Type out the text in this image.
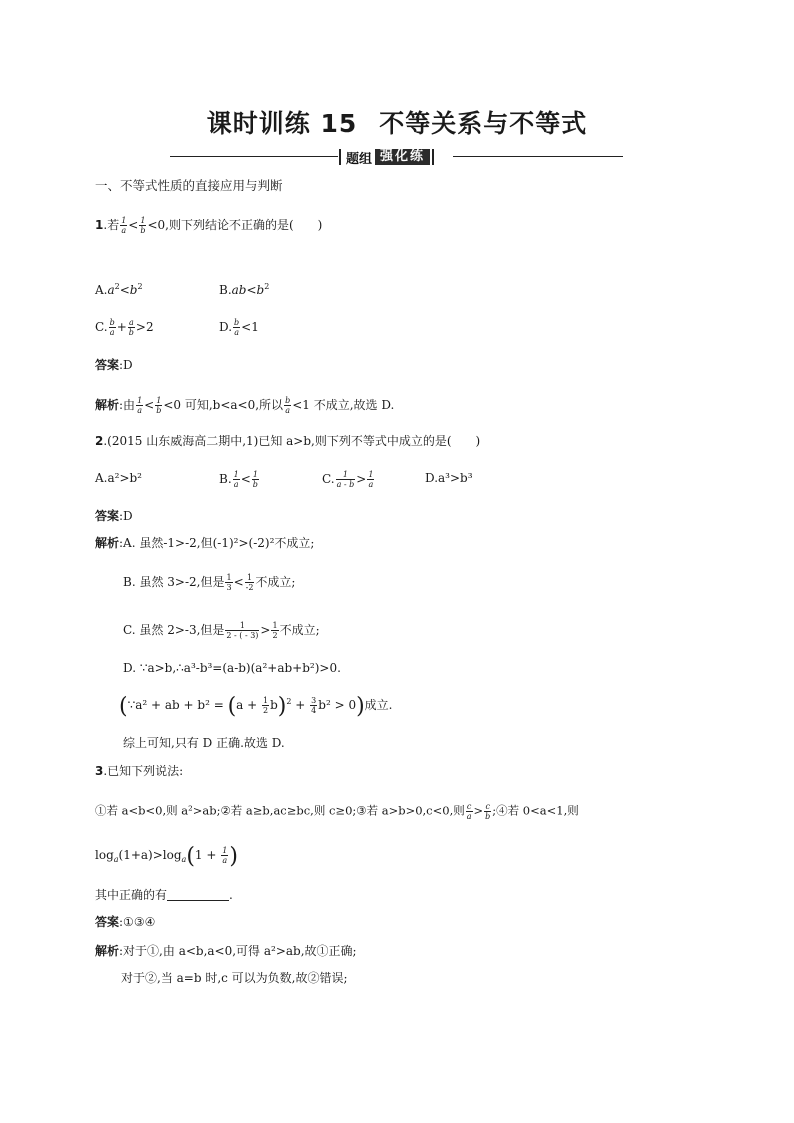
课时训练 15 不等关系与不等式
题组 强化练
一、不等式性质的直接应用与判断
1.若 $\frac{1}{a} < \frac{1}{b} <0$,则下列结论不正确的是(　　)
$A.a^2<b^2$	$B.ab<b^2$
C. $\frac{b}{a} + \frac{a}{b} >2$	D. $\frac{b}{a} <1$
答案:D
解析:由 $\frac{1}{a} < \frac{1}{b} <0$ 可知,b<a<0,所以 $\frac{b}{a} <1$ 不成立,故选 D.
2.(2015 山东威海高二期中,1)已知 a>b,则下列不等式中成立的是(　　)
A.a²>b²	B. $\frac{1}{a} < \frac{1}{b}$	C. $\frac{1}{a - b} > \frac{1}{a}$	D.a³>b³
答案:D
解析:A. 虽然-1>-2,但(-1)²>(-2)²不成立;
B. 虽然 3>-2,但是 $\frac{1}{3} < \frac{1}{-2}$ 不成立;
C. 虽然 2>-3,但是 $\frac{1}{2 - ( - 3)} > \frac{1}{2}$ 不成立;
D. ∵a>b,∴a³-b³=(a-b)(a²+ab+b²)>0.
(∵a² + ab + $b^2 = (a + \frac{1}{2} b)^2 + \frac{3}{4} b^2 > 0$)成立.
综上可知,只有 D 正确.故选 D.
3.已知下列说法:
①若 a<b<0,则 a²>ab;②若 a≥b,ac≥bc,则 c≥0;③若 a>b>0,c<0,则 $\frac{c}{a} > \frac{c}{b}$ ;④若 0<a<1,则
$\log_a(1+a)>\log_a(1 + \frac{1}{a}$ )
其中正确的有	.
答案:①③④
解析:对于①,由 a<b,a<0,可得 a²>ab,故①正确;
对于②,当 a=b 时,c 可以为负数,故②错误;
